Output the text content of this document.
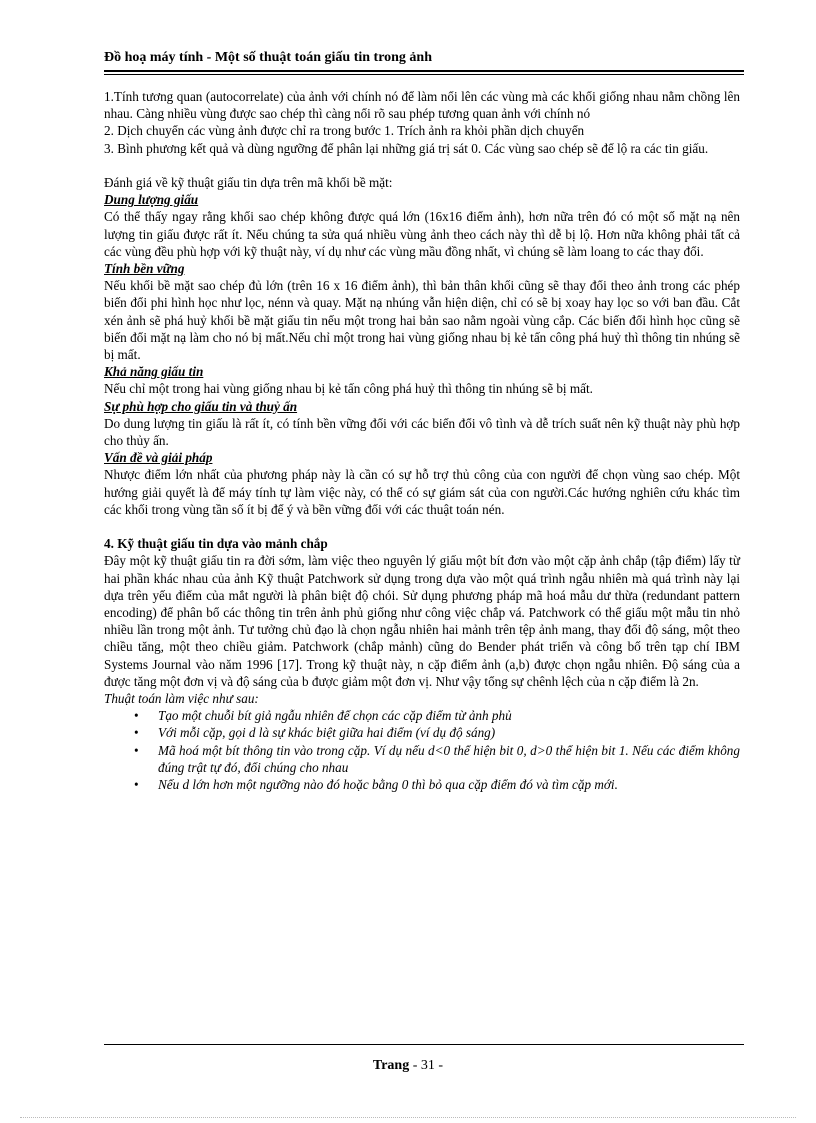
Đồ hoạ máy tính - Một số thuật toán giấu tin trong ảnh

1.Tính tương quan (autocorrelate) của ảnh với chính nó để làm nổi lên các vùng mà các khối giống nhau nằm chồng lên nhau. Càng nhiều vùng được sao chép thì càng nổi rõ sau phép tương quan ảnh với chính nó

2. Dịch chuyển các vùng ảnh được chỉ ra trong bước 1. Trích ảnh ra khỏi phần dịch chuyển

3. Bình phương kết quả và dùng ngưỡng để phân lại những giá trị sát 0. Các vùng sao chép sẽ để lộ ra các tin giấu.

Đánh giá về kỹ thuật giấu tin dựa trên mã khối bề mặt:

Dung lượng giấu

Có thể thấy ngay rằng khối sao chép không được quá lớn (16x16 điểm ảnh), hơn nữa trên đó có một số mặt nạ nên lượng tin giấu được rất ít. Nếu chúng ta sửa quá nhiều vùng ảnh theo cách này thì dễ bị lộ. Hơn nữa không phải tất cả các vùng đều phù hợp với kỹ thuật này, ví dụ như các vùng mầu đồng nhất, vì chúng sẽ làm loang to các thay đổi.

Tính bền vững

Nếu khối bề mặt sao chép đủ lớn (trên 16 x 16 điểm ảnh), thì bản thân khối cũng sẽ thay đổi theo ảnh trong các phép biến đổi phi hình học như lọc, nénn và quay. Mặt nạ nhúng vẫn hiện diện, chỉ có sẽ bị xoay hay lọc so với ban đầu. Cắt xén ảnh sẽ phá huỷ khối bề mặt giấu tin nếu một trong hai bản sao nằm ngoài vùng cắp. Các biến đổi hình học cũng sẽ biến đổi mặt nạ làm cho nó bị mất.Nếu chỉ một trong hai vùng giống nhau bị kẻ tấn công phá huỷ thì thông tin nhúng sẽ bị mất.

Khả năng giấu tin

Nếu chỉ một trong hai vùng giống nhau bị kẻ tấn công phá huỷ thì thông tin nhúng sẽ bị mất.

Sự phù hợp cho giấu tin và thuỷ ấn

Do dung lượng tin giấu là rất ít, có tính bền vững đối với các biến đổi vô tình và dễ trích suất nên kỹ thuật này phù hợp cho thủy ấn.

Vấn đề và giải pháp

Nhược điểm lớn nhất của phương pháp này là cần có sự hỗ trợ thủ công của con người để chọn vùng sao chép. Một hướng giải quyết là để máy tính tự làm việc này, có thể có sự giám sát của con người.Các hướng nghiên cứu khác tìm các khối trong vùng tần số ít bị để ý và bền vững đối với các thuật toán nén.

4. Kỹ thuật giấu tin dựa vào mảnh chắp

Đây một kỹ thuật giấu tin ra đời sớm, làm việc theo nguyên lý giấu một bít đơn vào một cặp ảnh chắp (tập điểm) lấy từ hai phần khác nhau của ảnh Kỹ thuật Patchwork sử dụng trong dựa vào một quá trình ngẫu nhiên mà quá trình này lại dựa trên yếu điểm của mắt người là phân biệt độ chói. Sử dụng phương pháp mã hoá mẫu dư thừa (redundant pattern encoding) để phân bổ các thông tin trên ảnh phủ giống như công việc chắp vá. Patchwork có thể giấu một mẫu tin nhỏ nhiều lần trong một ảnh. Tư tưởng chủ đạo là chọn ngẫu nhiên hai mảnh trên tệp ảnh mang, thay đổi độ sáng, một theo chiều tăng, một theo chiều giảm. Patchwork (chắp mảnh) cũng do Bender phát triển và công bố trên tạp chí IBM Systems Journal vào năm 1996 [17]. Trong kỹ thuật này, n cặp điểm ảnh (a,b) được chọn ngẫu nhiên. Độ sáng của a được tăng một đơn vị và độ sáng của b được giảm một đơn vị. Như vậy tổng sự chênh lệch của n cặp điểm là 2n.

Thuật toán làm việc như sau:

• Tạo một chuỗi bít giả ngẫu nhiên để chọn các cặp điểm từ ảnh phủ
• Với mỗi cặp, gọi d là sự khác biệt giữa hai điểm (ví dụ độ sáng)
• Mã hoá một bít thông tin vào trong cặp. Ví dụ nếu d<0 thể hiện bit 0, d>0 thể hiện bit 1. Nếu các điểm không đúng trật tự đó, đổi chúng cho nhau
• Nếu d lớn hơn một ngưỡng nào đó hoặc bằng 0 thì bỏ qua cặp điểm đó và tìm cặp mới.
Trang - 31 -
